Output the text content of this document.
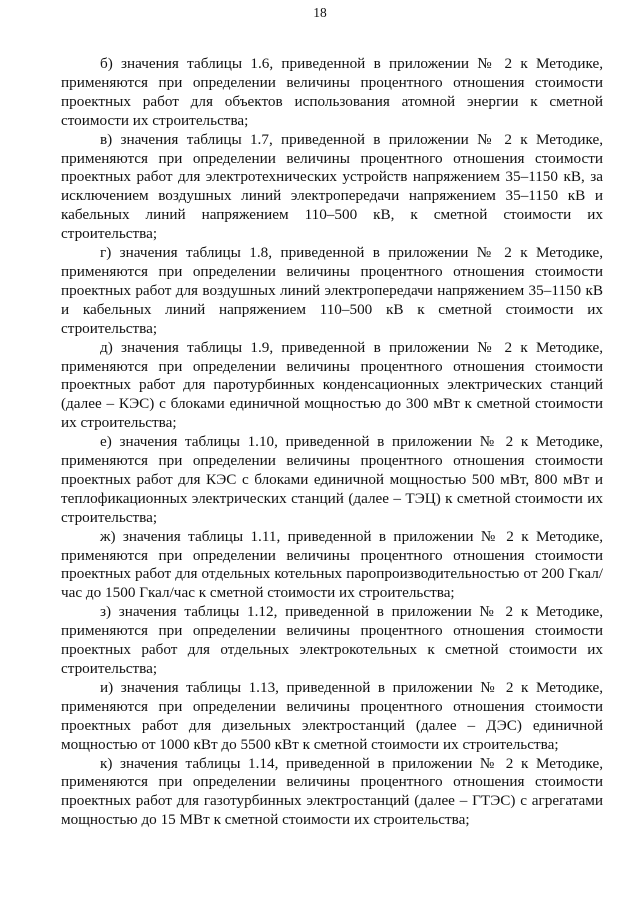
18

б) значения таблицы 1.6, приведенной в приложении № 2 к Методике, применяются при определении величины процентного отношения стоимости проектных работ для объектов использования атомной энергии к сметной стоимости их строительства;

в) значения таблицы 1.7, приведенной в приложении № 2 к Методике, применяются при определении величины процентного отношения стоимости проектных работ для электротехнических устройств напряжением 35–1150 кВ, за исключением воздушных линий электропередачи напряжением 35–1150 кВ и кабельных линий напряжением 110–500 кВ, к сметной стоимости их строительства;

г) значения таблицы 1.8, приведенной в приложении № 2 к Методике, применяются при определении величины процентного отношения стоимости проектных работ для воздушных линий электропередачи напряжением 35–1150 кВ и кабельных линий напряжением 110–500 кВ к сметной стоимости их строительства;

д) значения таблицы 1.9, приведенной в приложении № 2 к Методике, применяются при определении величины процентного отношения стоимости проектных работ для паротурбинных конденсационных электрических станций (далее – КЭС) с блоками единичной мощностью до 300 мВт к сметной стоимости их строительства;

е) значения таблицы 1.10, приведенной в приложении № 2 к Методике, применяются при определении величины процентного отношения стоимости проектных работ для КЭС с блоками единичной мощностью 500 мВт, 800 мВт и теплофикационных электрических станций (далее – ТЭЦ) к сметной стоимости их строительства;

ж) значения таблицы 1.11, приведенной в приложении № 2 к Методике, применяются при определении величины процентного отношения стоимости проектных работ для отдельных котельных паропроизводительностью от 200 Гкал/час до 1500 Гкал/час к сметной стоимости их строительства;

з) значения таблицы 1.12, приведенной в приложении № 2 к Методике, применяются при определении величины процентного отношения стоимости проектных работ для отдельных электрокотельных к сметной стоимости их строительства;

и) значения таблицы 1.13, приведенной в приложении № 2 к Методике, применяются при определении величины процентного отношения стоимости проектных работ для дизельных электростанций (далее – ДЭС) единичной мощностью от 1000 кВт до 5500 кВт к сметной стоимости их строительства;

к) значения таблицы 1.14, приведенной в приложении № 2 к Методике, применяются при определении величины процентного отношения стоимости проектных работ для газотурбинных электростанций (далее – ГТЭС) с агрегатами мощностью до 15 МВт к сметной стоимости их строительства;
